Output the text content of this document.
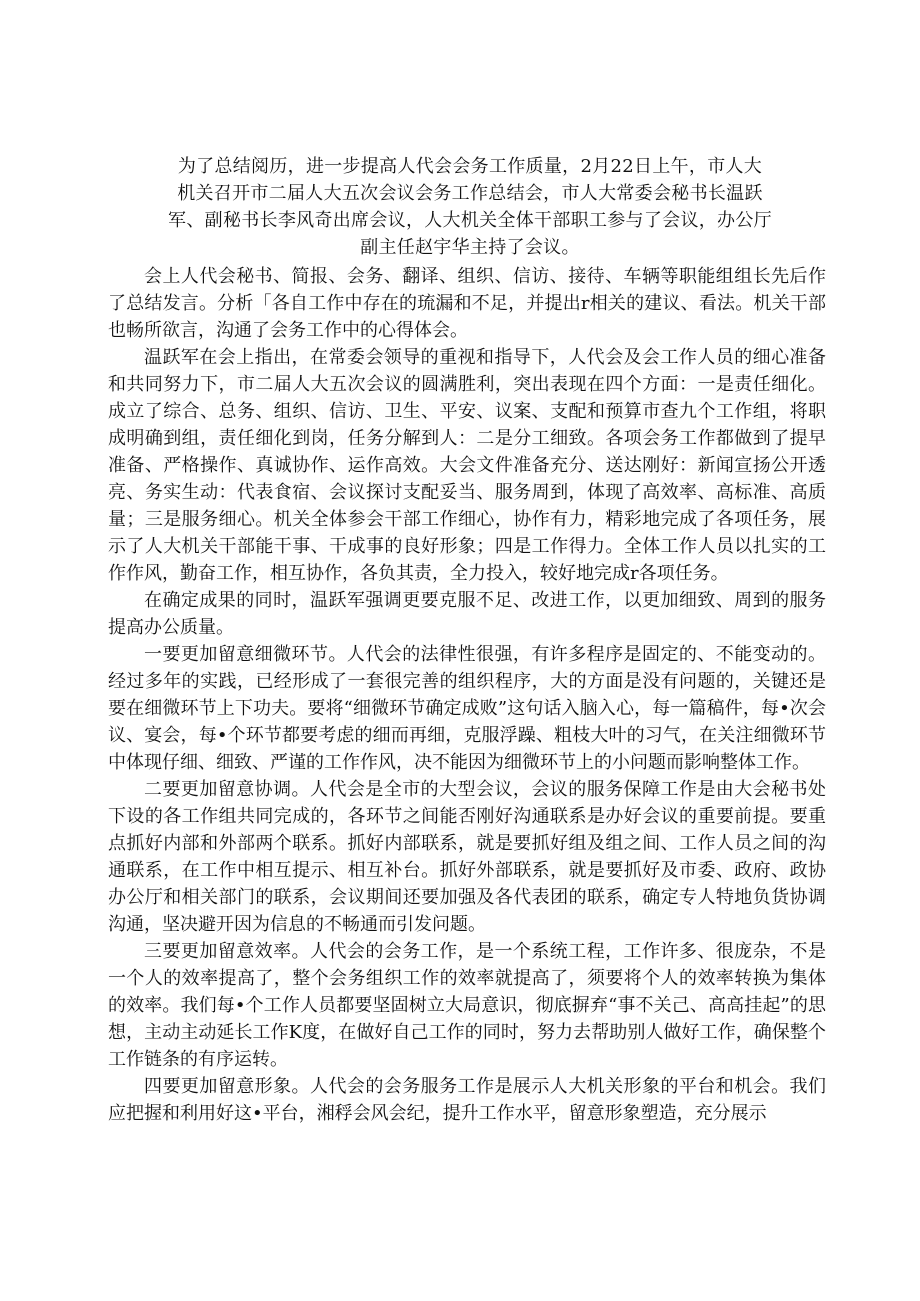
为了总结阅历，进一步提高人代会会务工作质量，2月22日上午，市人大
机关召开市二届人大五次会议会务工作总结会，市人大常委会秘书长温跃
军、副秘书长李风奇出席会议，人大机关全体干部职工参与了会议，办公厅
副主任赵宇华主持了会议。

会上人代会秘书、简报、会务、翻译、组织、信访、接待、车辆等职能组组长先后作了总结发言。分析「各自工作中存在的琉漏和不足，并提出r相关的建议、看法。机关干部也畅所欲言，沟通了会务工作中的心得体会。

温跃军在会上指出，在常委会领导的重视和指导下，人代会及会工作人员的细心准备和共同努力下，市二届人大五次会议的圆满胜利，突出表现在四个方面：一是责任细化。成立了综合、总务、组织、信访、卫生、平安、议案、支配和预算市查九个工作组，将职成明确到组，责任细化到岗，任务分解到人：二是分工细致。各项会务工作都做到了提早准备、严格操作、真诚协作、运作高效。大会文件准备充分、送达刚好：新闻宣扬公开透亮、务实生动：代表食宿、会议探讨支配妥当、服务周到，体现了高效率、高标准、高质量；三是服务细心。机关全体参会干部工作细心，协作有力，精彩地完成了各项任务，展示了人大机关干部能干事、干成事的良好形象；四是工作得力。全体工作人员以扎实的工作作风，勤奋工作，相互协作，各负其责，全力投入，较好地完成r各项任务。

在确定成果的同时，温跃军强调更要克服不足、改进工作，以更加细致、周到的服务提高办公质量。

一要更加留意细微环节。人代会的法律性很强，有许多程序是固定的、不能变动的。经过多年的实践，已经形成了一套很完善的组织程序，大的方面是没有问题的，关键还是要在细微环节上下功夫。要将“细微环节确定成败”这句话入脑入心，每一篇稿件，每•次会议、宴会，每•个环节都要考虑的细而再细，克服浮躁、粗枝大叶的习气，在关注细微环节中体现仔细、细致、严谨的工作作风，决不能因为细微环节上的小问题而影响整体工作。

二要更加留意协调。人代会是全市的大型会议，会议的服务保障工作是由大会秘书处下设的各工作组共同完成的，各环节之间能否刚好沟通联系是办好会议的重要前提。要重点抓好内部和外部两个联系。抓好内部联系，就是要抓好组及组之间、工作人员之间的沟通联系，在工作中相互提示、相互补台。抓好外部联系，就是要抓好及市委、政府、政协办公厅和相关部门的联系，会议期间还要加强及各代表团的联系，确定专人特地负货协调沟通，坚决避开因为信息的不畅通而引发问题。

三要更加留意效率。人代会的会务工作，是一个系统工程，工作许多、很庞杂，不是一个人的效率提高了，整个会务组织工作的效率就提高了，须要将个人的效率转换为集体的效率。我们每•个工作人员都要坚固树立大局意识，彻底摒弃“事不关己、高高挂起”的思想，主动主动延长工作K度，在做好自己工作的同时，努力去帮助别人做好工作，确保整个工作链条的有序运转。

四要更加留意形象。人代会的会务服务工作是展示人大机关形象的平台和机会。我们应把握和利用好这•平台，湘稃会风会纪，提升工作水平，留意形象塑造，充分展示
